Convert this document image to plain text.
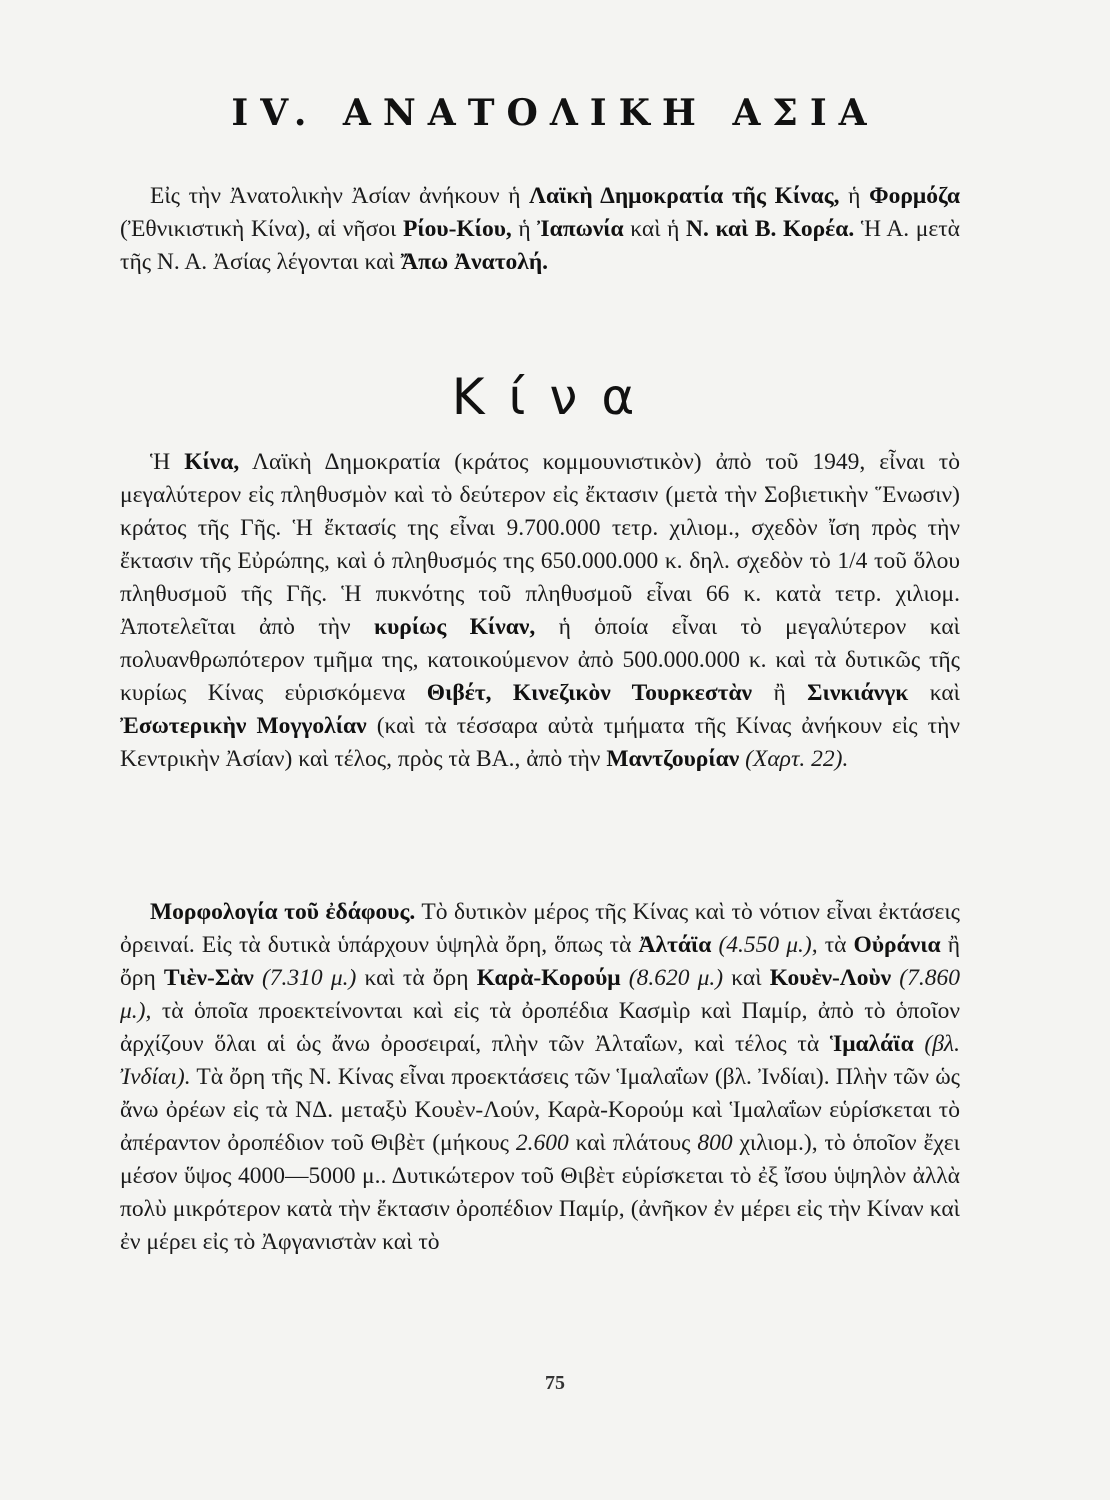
IV. ΑΝΑΤΟΛΙΚΗ ΑΣΙΑ
Εἰς τὴν Ἀνατολικὴν Ἀσίαν ἀνήκουν ἡ Λαϊκὴ Δημοκρατία τῆς Κίνας, ἡ Φορμόζα (Ἐθνικιστικὴ Κίνα), αἱ νῆσοι Ρίου-Κίου, ἡ Ἰαπωνία καὶ ἡ Ν. καὶ Β. Κορέα. Ἡ Α. μετὰ τῆς Ν. Α. Ἀσίας λέγονται καὶ Ἄπω Ἀνατολή.
Κίνα
Ἡ Κίνα, Λαϊκὴ Δημοκρατία (κράτος κομμουνιστικὸν) ἀπὸ τοῦ 1949, εἶναι τὸ μεγαλύτερον εἰς πληθυσμὸν καὶ τὸ δεύτερον εἰς ἔκτασιν (μετὰ τὴν Σοβιετικὴν Ἕνωσιν) κράτος τῆς Γῆς. Ἡ ἔκτασίς της εἶναι 9.700.000 τετρ. χιλιομ., σχεδὸν ἴση πρὸς τὴν ἔκτασιν τῆς Εὐρώπης, καὶ ὁ πληθυσμός της 650.000.000 κ. δηλ. σχεδὸν τὸ 1/4 τοῦ ὅλου πληθυσμοῦ τῆς Γῆς. Ἡ πυκνότης τοῦ πληθυσμοῦ εἶναι 66 κ. κατὰ τετρ. χιλιομ. Ἀποτελεῖται ἀπὸ τὴν κυρίως Κίναν, ἡ ὁποία εἶναι τὸ μεγαλύτερον καὶ πολυανθρωπότερον τμῆμα της, κατοικούμενον ἀπὸ 500.000.000 κ. καὶ τὰ δυτικῶς τῆς κυρίως Κίνας εὑρισκόμενα Θιβέτ, Κινεζικὸν Τουρκεστὰν ἢ Σινκιάνγκ καὶ Ἐσωτερικὴν Μογγολίαν (καὶ τὰ τέσσαρα αὐτὰ τμήματα τῆς Κίνας ἀνήκουν εἰς τὴν Κεντρικὴν Ἀσίαν) καὶ τέλος, πρὸς τὰ ΒΑ., ἀπὸ τὴν Μαντζουρίαν (Χαρτ. 22).
Μορφολογία τοῦ ἐδάφους. Τὸ δυτικὸν μέρος τῆς Κίνας καὶ τὸ νότιον εἶναι ἐκτάσεις ὀρειναί. Εἰς τὰ δυτικὰ ὑπάρχουν ὑψηλὰ ὄρη, ὅπως τὰ Ἀλτάϊα (4.550 μ.), τὰ Οὐράνια ἢ ὄρη Τιὲν-Σὰν (7.310 μ.) καὶ τὰ ὄρη Καρὰ-Κορούμ (8.620 μ.) καὶ Κουὲν-Λοὺν (7.860 μ.), τὰ ὁποῖα προεκτείνονται καὶ εἰς τὰ ὀροπέδια Κασμὶρ καὶ Παμίρ, ἀπὸ τὸ ὁποῖον ἀρχίζουν ὅλαι αἱ ὡς ἄνω ὀροσειραί, πλὴν τῶν Ἀλταΐων, καὶ τέλος τὰ Ἱμαλάϊα (βλ. Ἰνδίαι). Τὰ ὄρη τῆς Ν. Κίνας εἶναι προεκτάσεις τῶν Ἱμαλαΐων (βλ. Ἰνδίαι). Πλὴν τῶν ὡς ἄνω ὀρέων εἰς τὰ ΝΔ. μεταξὺ Κουὲν-Λούν, Καρὰ-Κορούμ καὶ Ἱμαλαΐων εὑρίσκεται τὸ ἀπέραντον ὀροπέδιον τοῦ Θιβὲτ (μήκους 2.600 καὶ πλάτους 800 χιλιομ.), τὸ ὁποῖον ἔχει μέσον ὕψος 4000—5000 μ.. Δυτικώτερον τοῦ Θιβὲτ εὑρίσκεται τὸ ἐξ ἴσου ὑψηλὸν ἀλλὰ πολὺ μικρότερον κατὰ τὴν ἔκτασιν ὀροπέδιον Παμίρ, (ἀνῆκον ἐν μέρει εἰς τὴν Κίναν καὶ ἐν μέρει εἰς τὸ Ἀφγανιστὰν καὶ τὸ
75
